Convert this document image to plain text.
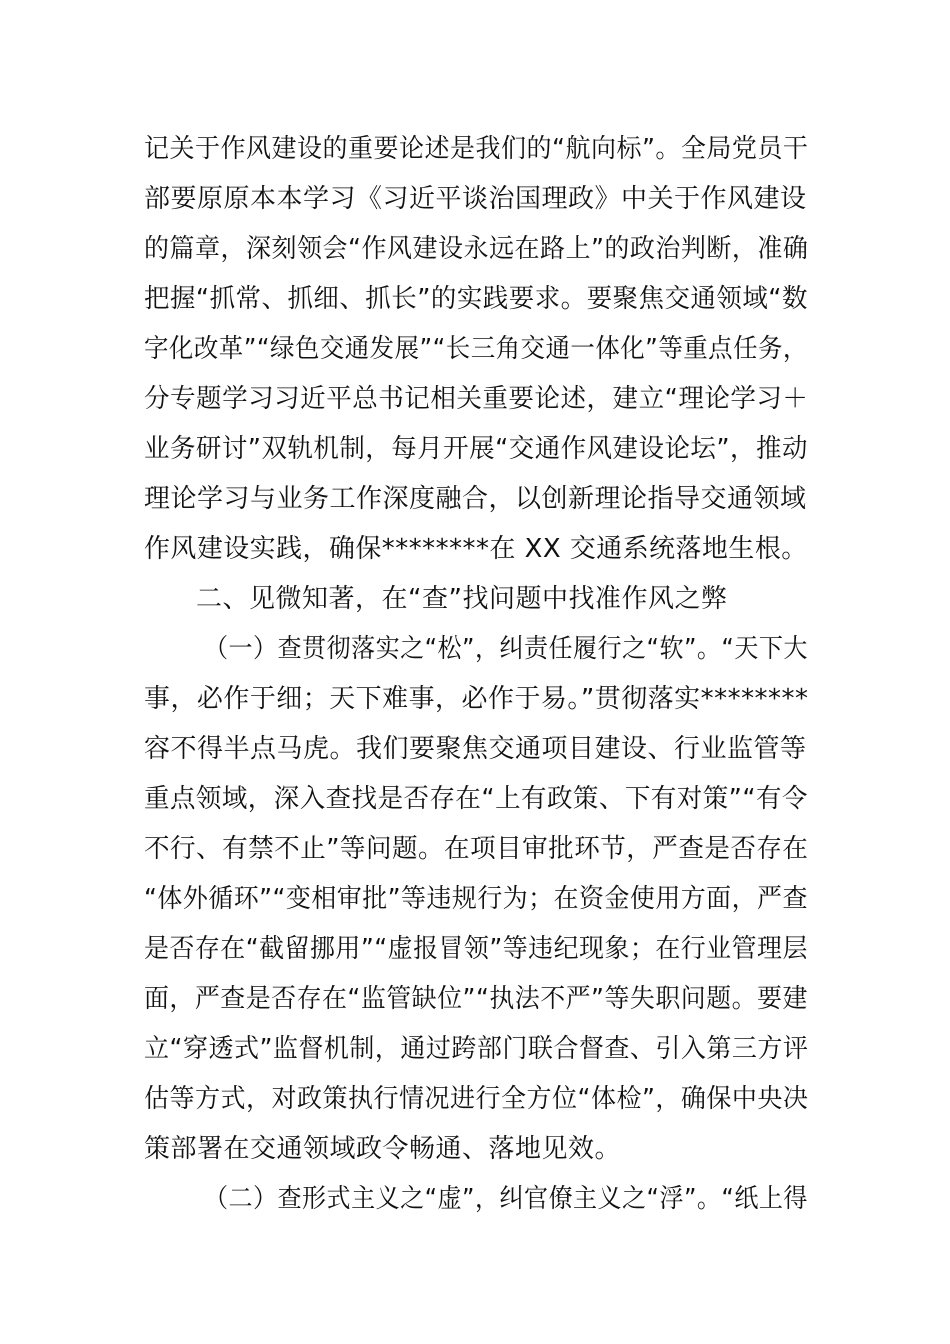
记关于作风建设的重要论述是我们的“航向标”。全局党员干
部要原原本本学习《习近平谈治国理政》中关于作风建设
的篇章，深刻领会“作风建设永远在路上”的政治判断，准确
把握“抓常、抓细、抓长”的实践要求。要聚焦交通领域“数
字化改革”“绿色交通发展”“长三角交通一体化”等重点任务，
分专题学习习近平总书记相关重要论述，建立“理论学习＋
业务研讨”双轨机制，每月开展“交通作风建设论坛”，推动
理论学习与业务工作深度融合，以创新理论指导交通领域
作风建设实践，确保********在 XX 交通系统落地生根。
二、见微知著，在“查”找问题中找准作风之弊
（一）查贯彻落实之“松”，纠责任履行之“软”。“天下大
事，必作于细；天下难事，必作于易。”贯彻落实********
容不得半点马虎。我们要聚焦交通项目建设、行业监管等
重点领域，深入查找是否存在“上有政策、下有对策”“有令
不行、有禁不止”等问题。在项目审批环节，严查是否存在
“体外循环”“变相审批”等违规行为；在资金使用方面，严查
是否存在“截留挪用”“虚报冒领”等违纪现象；在行业管理层
面，严查是否存在“监管缺位”“执法不严”等失职问题。要建
立“穿透式”监督机制，通过跨部门联合督查、引入第三方评
估等方式，对政策执行情况进行全方位“体检”，确保中央决
策部署在交通领域政令畅通、落地见效。
（二）查形式主义之“虚”，纠官僚主义之“浮”。“纸上得
